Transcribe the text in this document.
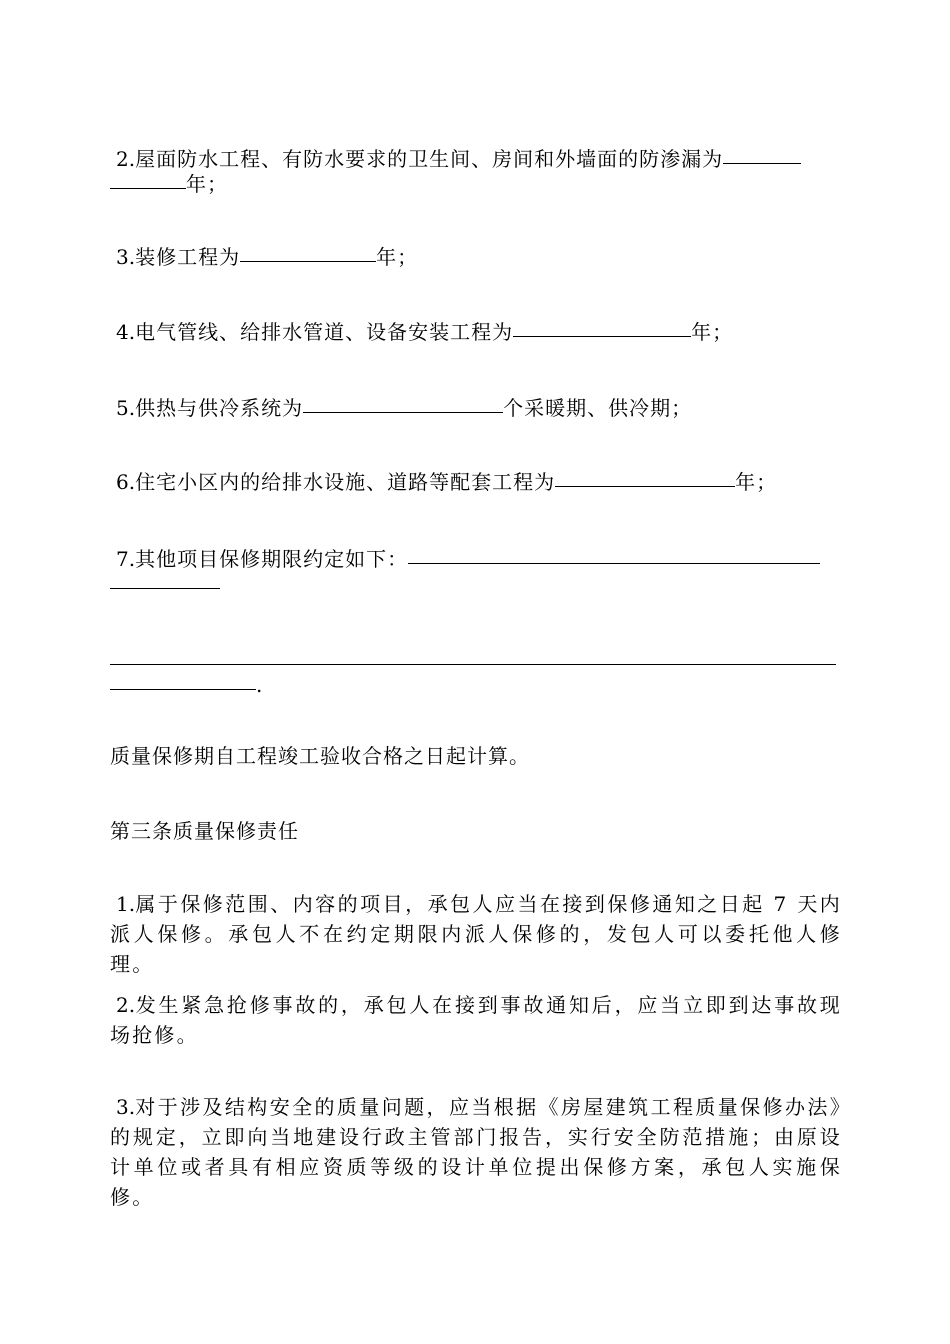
2.屋面防水工程、有防水要求的卫生间、房间和外墙面的防渗漏为
年；
3.装修工程为	年；
4.电气管线、给排水管道、设备安装工程为	年；
5.供热与供冷系统为	个采暖期、供冷期；
6.住宅小区内的给排水设施、道路等配套工程为	年；
7.其他项目保修期限约定如下：
.
质量保修期自工程竣工验收合格之日起计算。
第三条质量保修责任
1.属于保修范围、内容的项目，承包人应当在接到保修通知之日起 7 天内派人保修。承包人不在约定期限内派人保修的，发包人可以委托他人修理。
2.发生紧急抢修事故的，承包人在接到事故通知后，应当立即到达事故现场抢修。
3.对于涉及结构安全的质量问题，应当根据《房屋建筑工程质量保修办法》的规定，立即向当地建设行政主管部门报告，实行安全防范措施；由原设计单位或者具有相应资质等级的设计单位提出保修方案，承包人实施保修。
